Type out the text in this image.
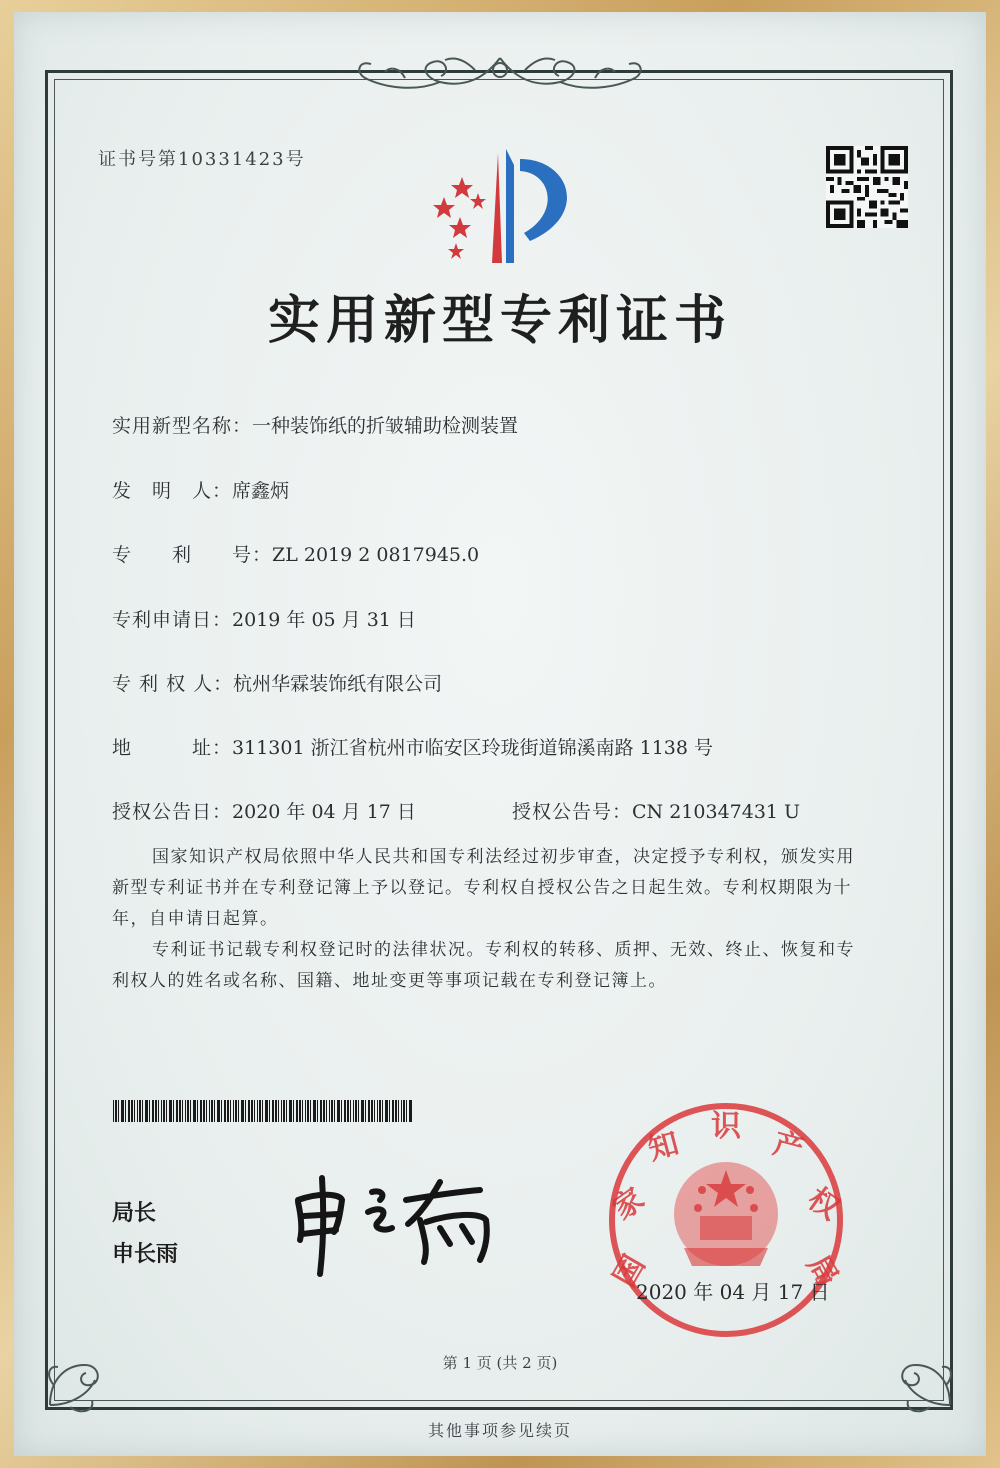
证书号第10331423号
实用新型专利证书
实用新型名称：一种装饰纸的折皱辅助检测装置
发　明　人：席鑫炳
专　　利　　号：ZL 2019 2 0817945.0
专利申请日：2019 年 05 月 31 日
专 利 权 人：杭州华霖装饰纸有限公司
地　　　址：311301 浙江省杭州市临安区玲珑街道锦溪南路 1138 号
授权公告日：2020 年 04 月 17 日	授权公告号：CN 210347431 U
国家知识产权局依照中华人民共和国专利法经过初步审查，决定授予专利权，颁发实用
新型专利证书并在专利登记簿上予以登记。专利权自授权公告之日起生效。专利权期限为十
年，自申请日起算。
专利证书记载专利权登记时的法律状况。专利权的转移、质押、无效、终止、恢复和专
利权人的姓名或名称、国籍、地址变更等事项记载在专利登记簿上。
局长
申长雨	国
家
知 识 产
权
局
2020 年 04 月 17 日
第 1 页 (共 2 页)
其他事项参见续页
